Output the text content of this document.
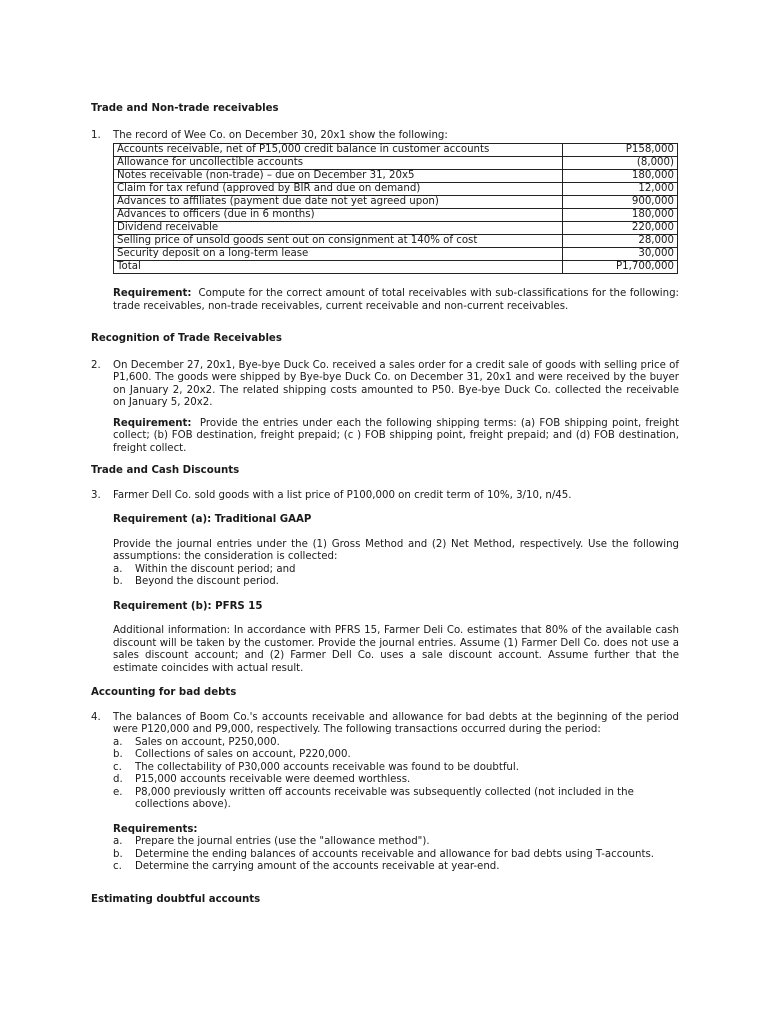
Trade and Non-trade receivables

1. The record of Wee Co. on December 30, 20x1 show the following:
Accounts receivable, net of P15,000 credit balance in customer accounts	P158,000
Allowance for uncollectible accounts	(8,000)
Notes receivable (non-trade) – due on December 31, 20x5	180,000
Claim for tax refund (approved by BIR and due on demand)	12,000
Advances to affiliates (payment due date not yet agreed upon)	900,000
Advances to officers (due in 6 months)	180,000
Dividend receivable	220,000
Selling price of unsold goods sent out on consignment at 140% of cost	28,000
Security deposit on a long-term lease	30,000
Total	P1,700,000

Requirement: Compute for the correct amount of total receivables with sub-classifications for the following: trade receivables, non-trade receivables, current receivable and non-current receivables.

Recognition of Trade Receivables

2. On December 27, 20x1, Bye-bye Duck Co. received a sales order for a credit sale of goods with selling price of P1,600. The goods were shipped by Bye-bye Duck Co. on December 31, 20x1 and were received by the buyer on January 2, 20x2. The related shipping costs amounted to P50. Bye-bye Duck Co. collected the receivable on January 5, 20x2.

Requirement: Provide the entries under each the following shipping terms: (a) FOB shipping point, freight collect; (b) FOB destination, freight prepaid; (c ) FOB shipping point, freight prepaid; and (d) FOB destination, freight collect.

Trade and Cash Discounts

3. Farmer Dell Co. sold goods with a list price of P100,000 on credit term of 10%, 3/10, n/45.

Requirement (a): Traditional GAAP

Provide the journal entries under the (1) Gross Method and (2) Net Method, respectively. Use the following assumptions: the consideration is collected:

a. Within the discount period; and
b. Beyond the discount period.

Requirement (b): PFRS 15

Additional information: In accordance with PFRS 15, Farmer Deli Co. estimates that 80% of the available cash discount will be taken by the customer. Provide the journal entries. Assume (1) Farmer Dell Co. does not use a sales discount account; and (2) Farmer Dell Co. uses a sale discount account. Assume further that the estimate coincides with actual result.

Accounting for bad debts

4. The balances of Boom Co.'s accounts receivable and allowance for bad debts at the beginning of the period were P120,000 and P9,000, respectively. The following transactions occurred during the period:

a. Sales on account, P250,000.
b. Collections of sales on account, P220,000.
c. The collectability of P30,000 accounts receivable was found to be doubtful.
d. P15,000 accounts receivable were deemed worthless.
e. P8,000 previously written off accounts receivable was subsequently collected (not included in the collections above).

Requirements:

a. Prepare the journal entries (use the "allowance method").
b. Determine the ending balances of accounts receivable and allowance for bad debts using T-accounts.
c. Determine the carrying amount of the accounts receivable at year-end.

Estimating doubtful accounts
